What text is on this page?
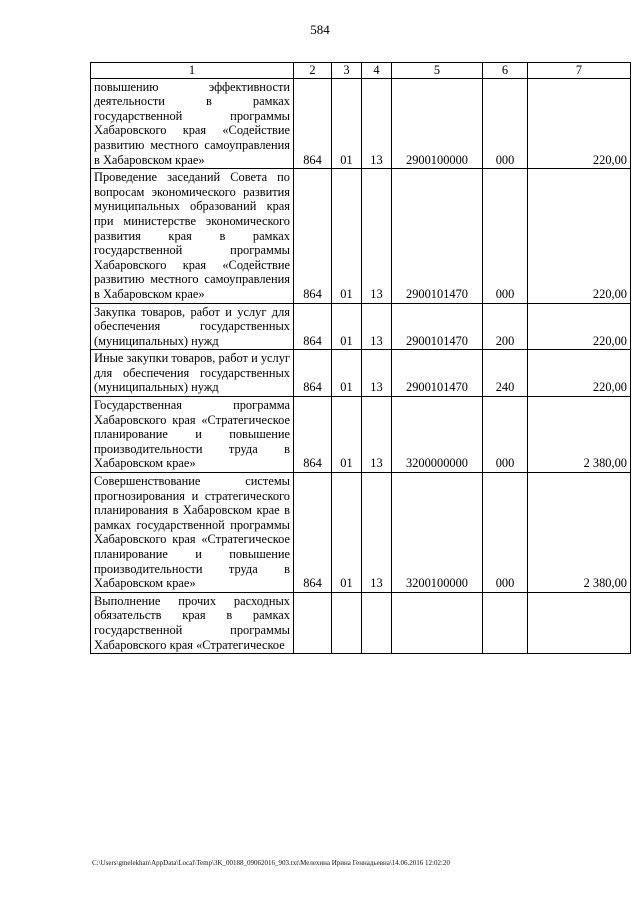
584
1	2	3	4	5	6	7
повышению эффективности деятельности в рамках государственной программы Хабаровского края «Содействие развитию местного самоуправления в Хабаровском крае»	864	01	13	2900100000	000	220,00
Проведение заседаний Совета по вопросам экономического развития муниципальных образований края при министерстве экономического развития края в рамках государственной программы Хабаровского края «Содействие развитию местного самоуправления в Хабаровском крае»	864	01	13	2900101470	000	220,00
Закупка товаров, работ и услуг для обеспечения государственных (муниципальных) нужд	864	01	13	2900101470	200	220,00
Иные закупки товаров, работ и услуг для обеспечения государственных (муниципальных) нужд	864	01	13	2900101470	240	220,00
Государственная программа Хабаровского края «Стратегическое планирование и повышение производительности труда в Хабаровском крае»	864	01	13	3200000000	000	2 380,00
Совершенствование системы прогнозирования и стратегического планирования в Хабаровском крае в рамках государственной программы Хабаровского края «Стратегическое планирование и повышение производительности труда в Хабаровском крае»	864	01	13	3200100000	000	2 380,00
Выполнение прочих расходных обязательств края в рамках государственной программы Хабаровского края «Стратегическое						
C:\Users\gmelekhan\AppData\Local\Temp\3K_00188_09062016_903.txt\Мелехина Ирина Геннадьевна\14.06.2016 12:02:20
